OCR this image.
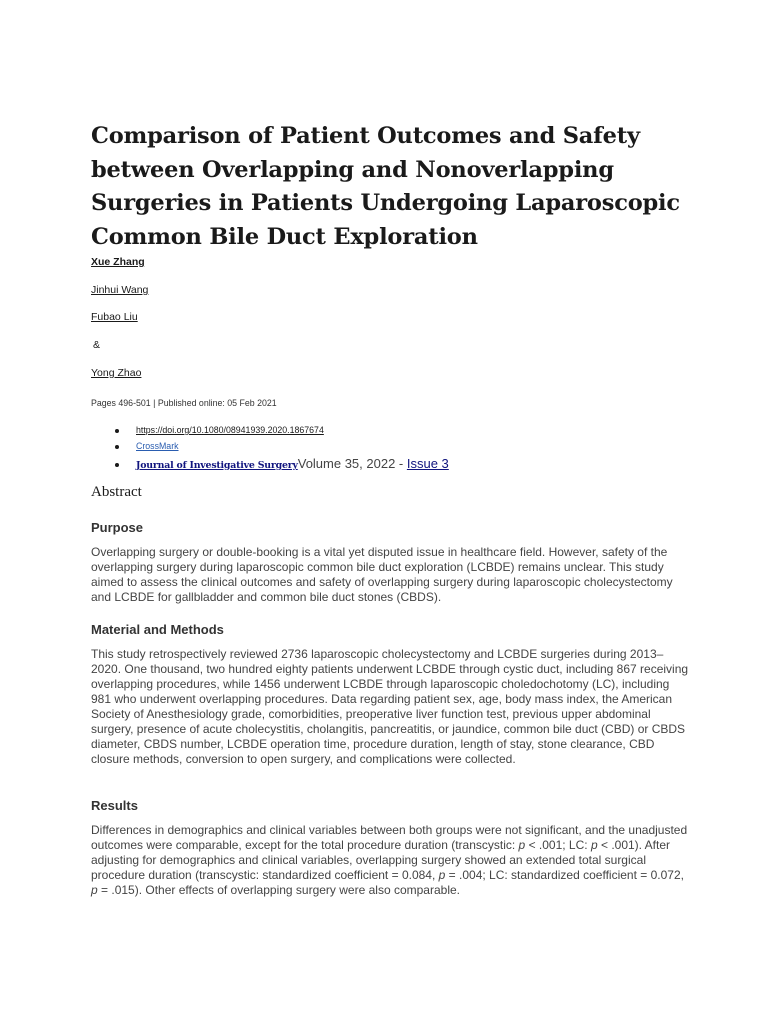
Comparison of Patient Outcomes and Safety between Overlapping and Nonoverlapping Surgeries in Patients Undergoing Laparoscopic Common Bile Duct Exploration
Xue Zhang
Jinhui Wang
Fubao Liu
&
Yong Zhao
Pages 496-501 | Published online: 05 Feb 2021
https://doi.org/10.1080/08941939.2020.1867674
CrossMark
Journal of Investigative SurgeryVolume 35, 2022 - Issue 3
Abstract
Purpose

Overlapping surgery or double-booking is a vital yet disputed issue in healthcare field. However, safety of the overlapping surgery during laparoscopic common bile duct exploration (LCBDE) remains unclear. This study aimed to assess the clinical outcomes and safety of overlapping surgery during laparoscopic cholecystectomy and LCBDE for gallbladder and common bile duct stones (CBDS).

Material and Methods

This study retrospectively reviewed 2736 laparoscopic cholecystectomy and LCBDE surgeries during 2013–2020. One thousand, two hundred eighty patients underwent LCBDE through cystic duct, including 867 receiving overlapping procedures, while 1456 underwent LCBDE through laparoscopic choledochotomy (LC), including 981 who underwent overlapping procedures. Data regarding patient sex, age, body mass index, the American Society of Anesthesiology grade, comorbidities, preoperative liver function test, previous upper abdominal surgery, presence of acute cholecystitis, cholangitis, pancreatitis, or jaundice, common bile duct (CBD) or CBDS diameter, CBDS number, LCBDE operation time, procedure duration, length of stay, stone clearance, CBD closure methods, conversion to open surgery, and complications were collected.

Results

Differences in demographics and clinical variables between both groups were not significant, and the unadjusted outcomes were comparable, except for the total procedure duration (transcystic: p < .001; LC: p < .001). After adjusting for demographics and clinical variables, overlapping surgery showed an extended total surgical procedure duration (transcystic: standardized coefficient = 0.084, p = .004; LC: standardized coefficient = 0.072, p = .015). Other effects of overlapping surgery were also comparable.
